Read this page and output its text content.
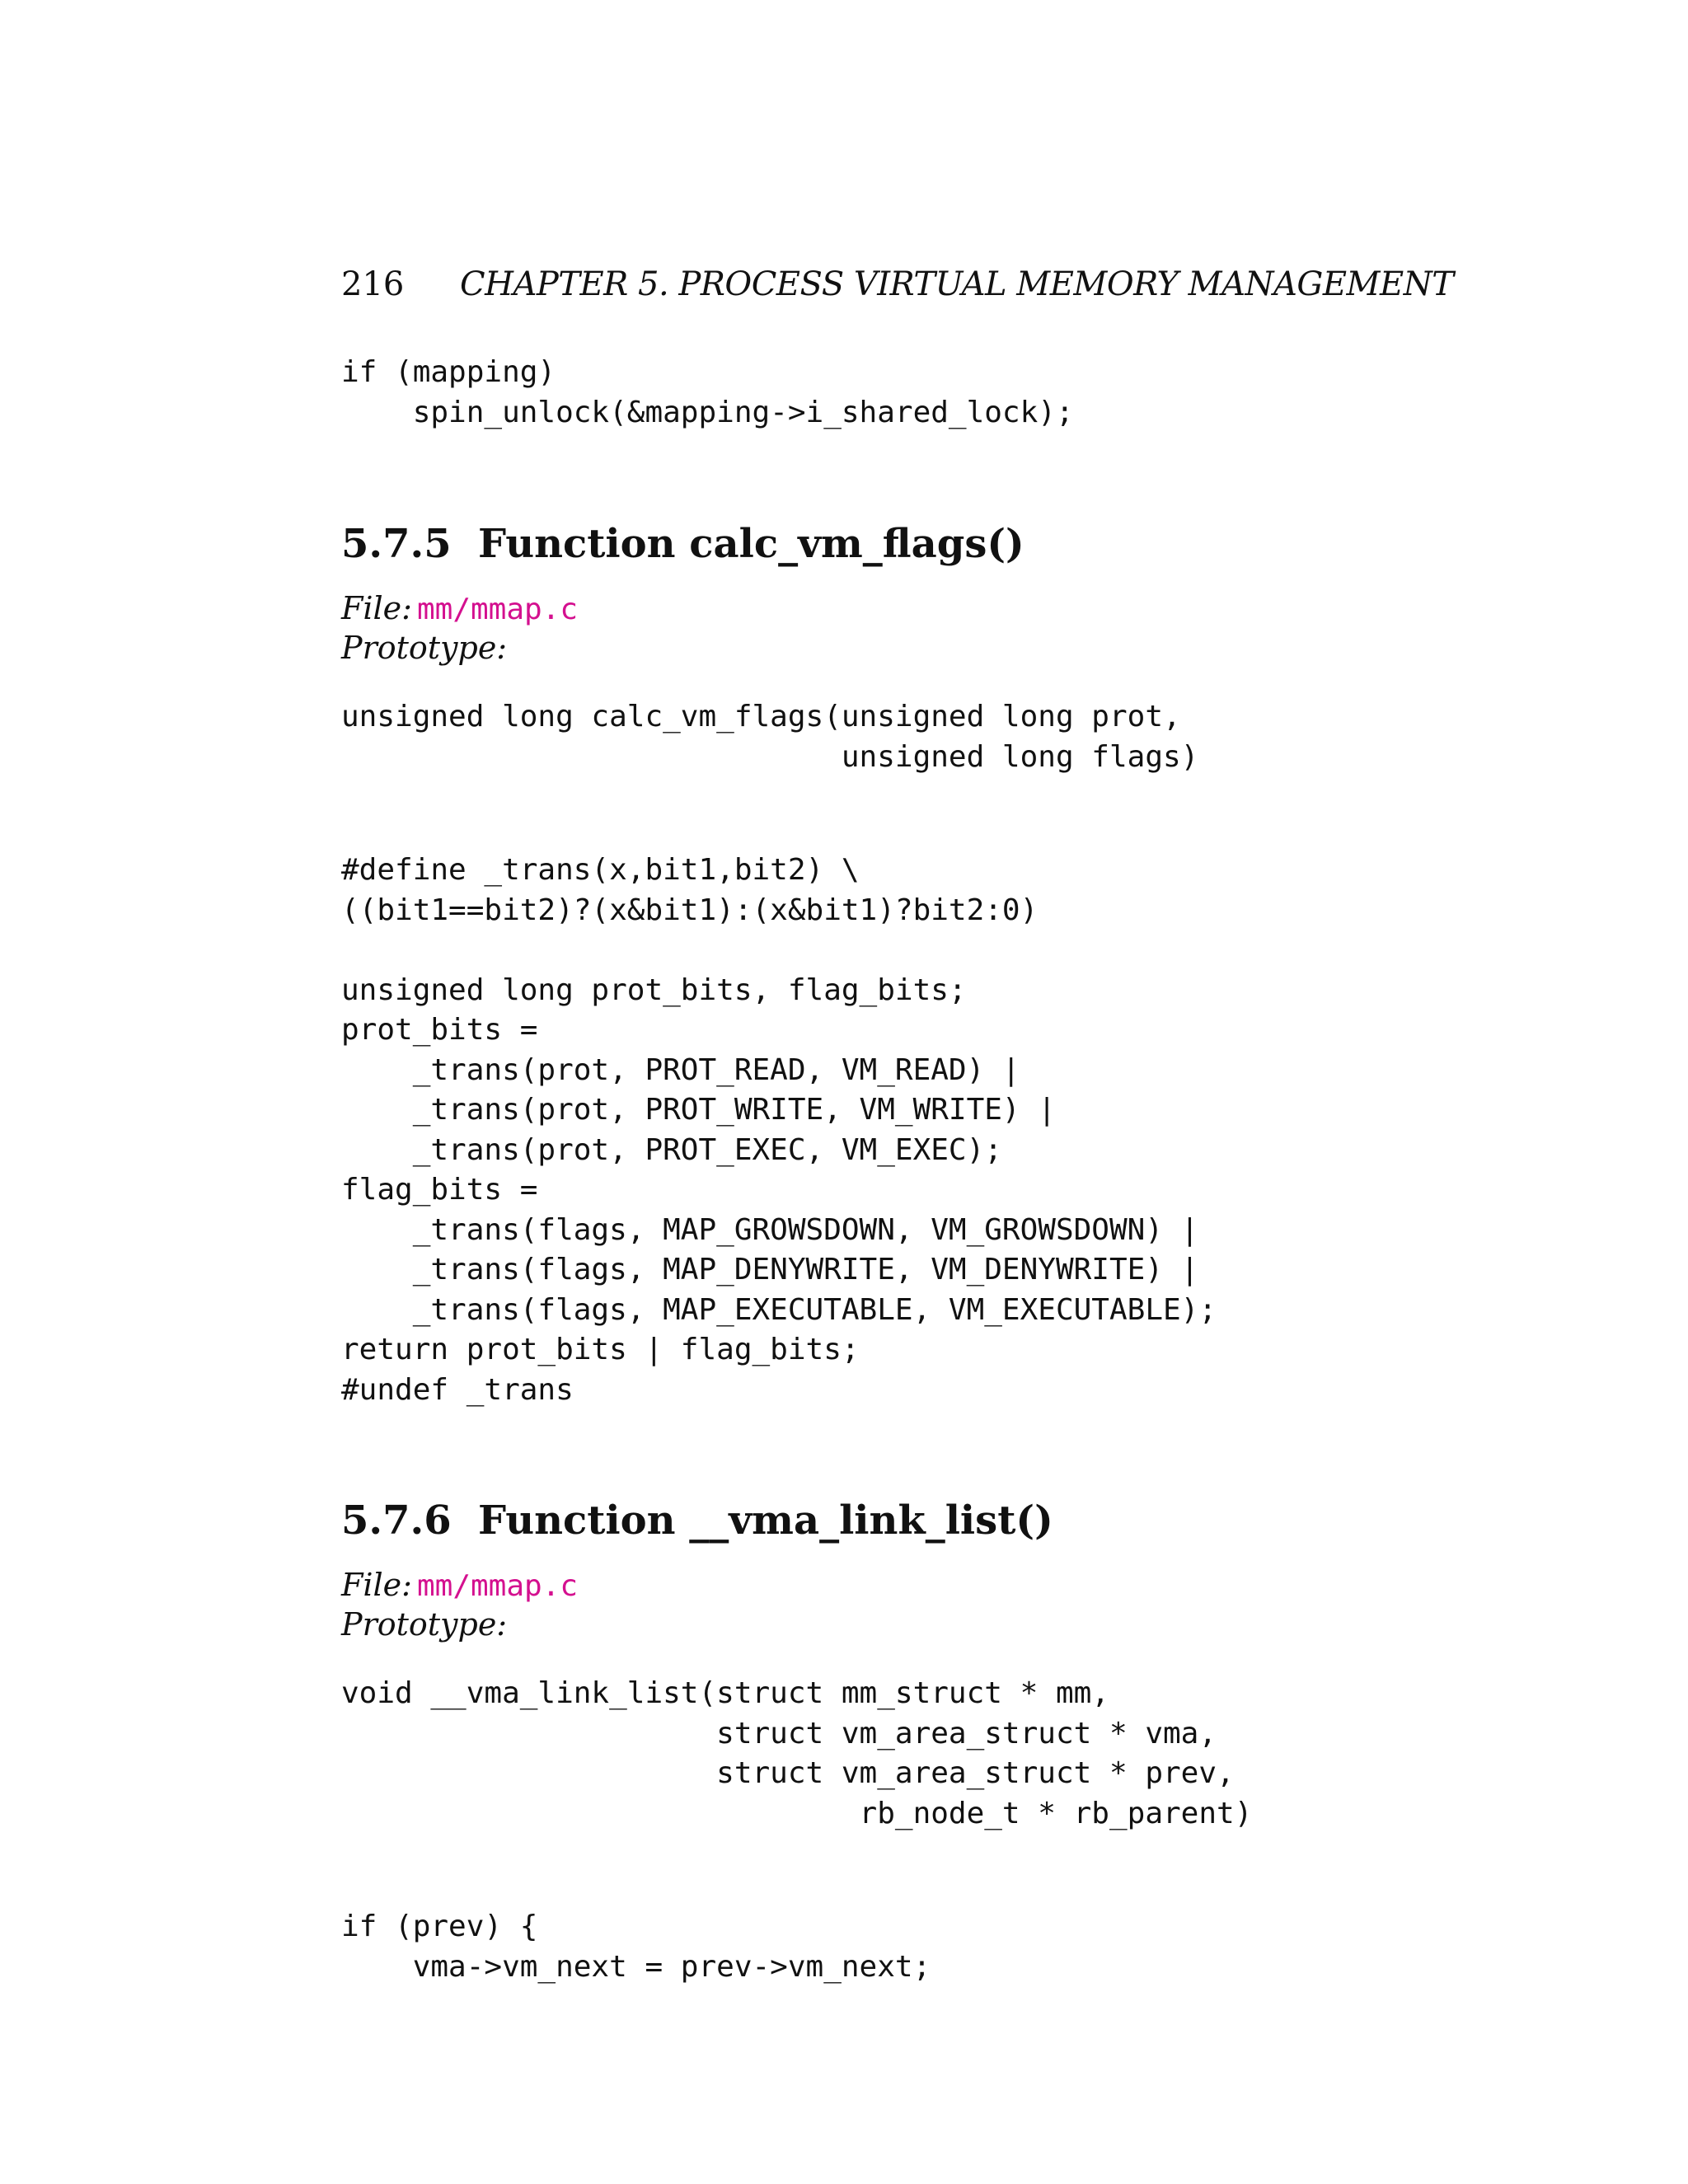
216 CHAPTER 5. PROCESS VIRTUAL MEMORY MANAGEMENT
if (mapping)
spin_unlock(&mapping->i_shared_lock);
5.7.5 Function calc_vm_flags()
File: mm/mmap.c
Prototype:
unsigned long calc_vm_flags(unsigned long prot,
unsigned long flags)
#define _trans(x,bit1,bit2) \
((bit1==bit2)?(x&bit1):(x&bit1)?bit2:0)
unsigned long prot_bits, flag_bits;
prot_bits =
_trans(prot, PROT_READ, VM_READ) |
_trans(prot, PROT_WRITE, VM_WRITE) |
_trans(prot, PROT_EXEC, VM_EXEC);
flag_bits =
_trans(flags, MAP_GROWSDOWN, VM_GROWSDOWN) |
_trans(flags, MAP_DENYWRITE, VM_DENYWRITE) |
_trans(flags, MAP_EXECUTABLE, VM_EXECUTABLE);
return prot_bits | flag_bits;
#undef _trans
5.7.6 Function __vma_link_list()
File: mm/mmap.c
Prototype:
void __vma_link_list(struct mm_struct * mm,
struct vm_area_struct * vma,
struct vm_area_struct * prev,
rb_node_t * rb_parent)
if (prev) {
vma->vm_next = prev->vm_next;
